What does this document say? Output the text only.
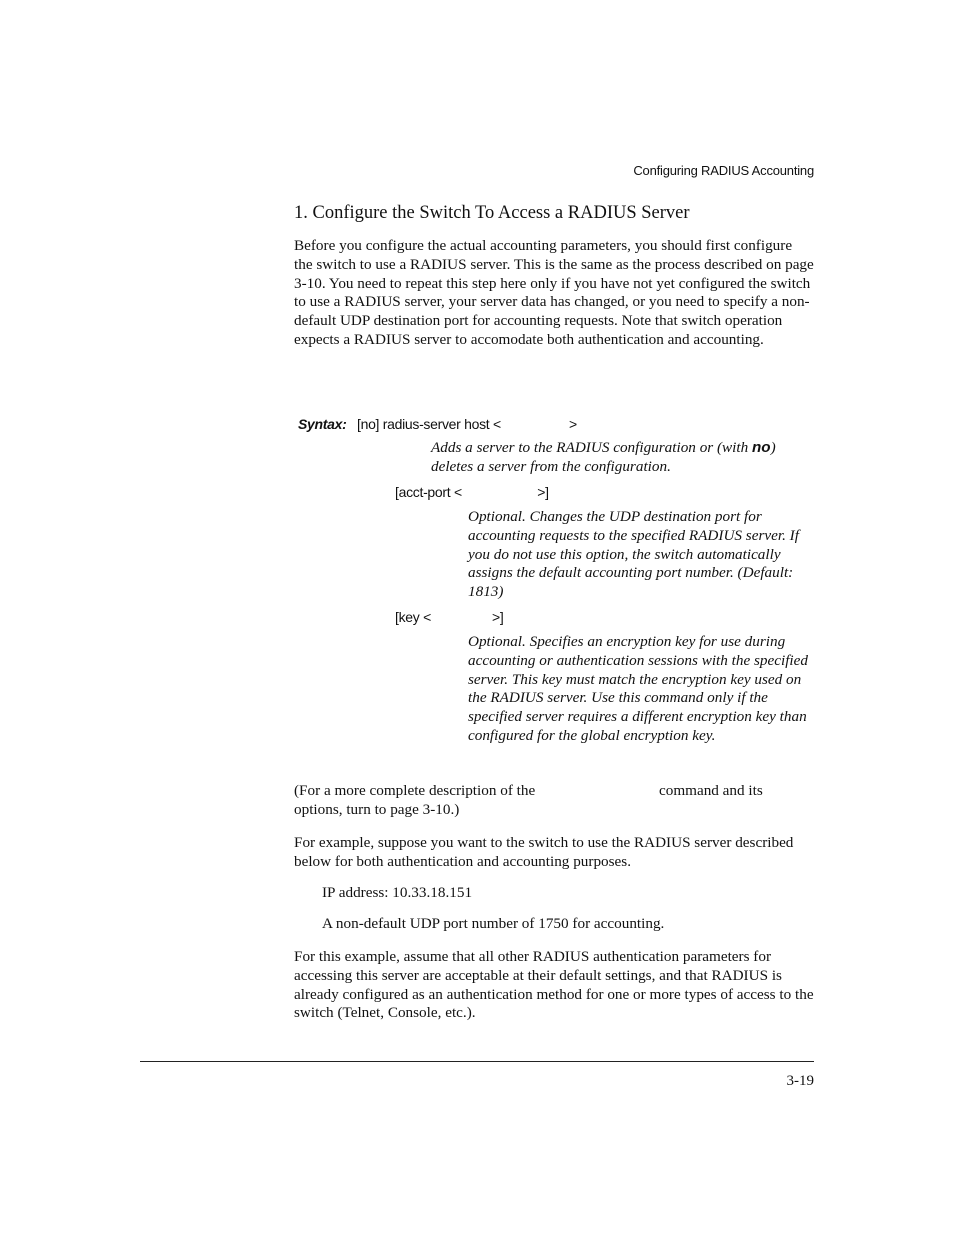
Configuring RADIUS Accounting
1. Configure the Switch To Access a RADIUS Server
Before you configure the actual accounting parameters, you should first configure the switch to use a RADIUS server. This is the same as the process described on page 3-10. You need to repeat this step here only if you have not yet configured the switch to use a RADIUS server, your server data has changed, or you need to specify a non-default UDP destination port for accounting requests. Note that switch operation expects a RADIUS server to accomodate both authentication and accounting.
Syntax: [no] radius-server host <                   >
Adds a server to the RADIUS configuration or (with no) deletes a server from the configuration.
[acct-port <                     >]
Optional. Changes the UDP destination port for accounting requests to the specified RADIUS server. If you do not use this option, the switch automatically assigns the default accounting port number. (Default: 1813)
[key <                 >]
Optional. Specifies an encryption key for use during accounting or authentication sessions with the specified server. This key must match the encryption key used on the RADIUS server. Use this command only if the specified server requires a different encryption key than configured for the global encryption key.
(For a more complete description of the	command and its
options, turn to page 3-10.)
For example, suppose you want to the switch to use the RADIUS server described below for both authentication and accounting purposes.
IP address: 10.33.18.151
A non-default UDP port number of 1750 for accounting.
For this example, assume that all other RADIUS authentication parameters for accessing this server are acceptable at their default settings, and that RADIUS is already configured as an authentication method for one or more types of access to the switch (Telnet, Console, etc.).
3-19
